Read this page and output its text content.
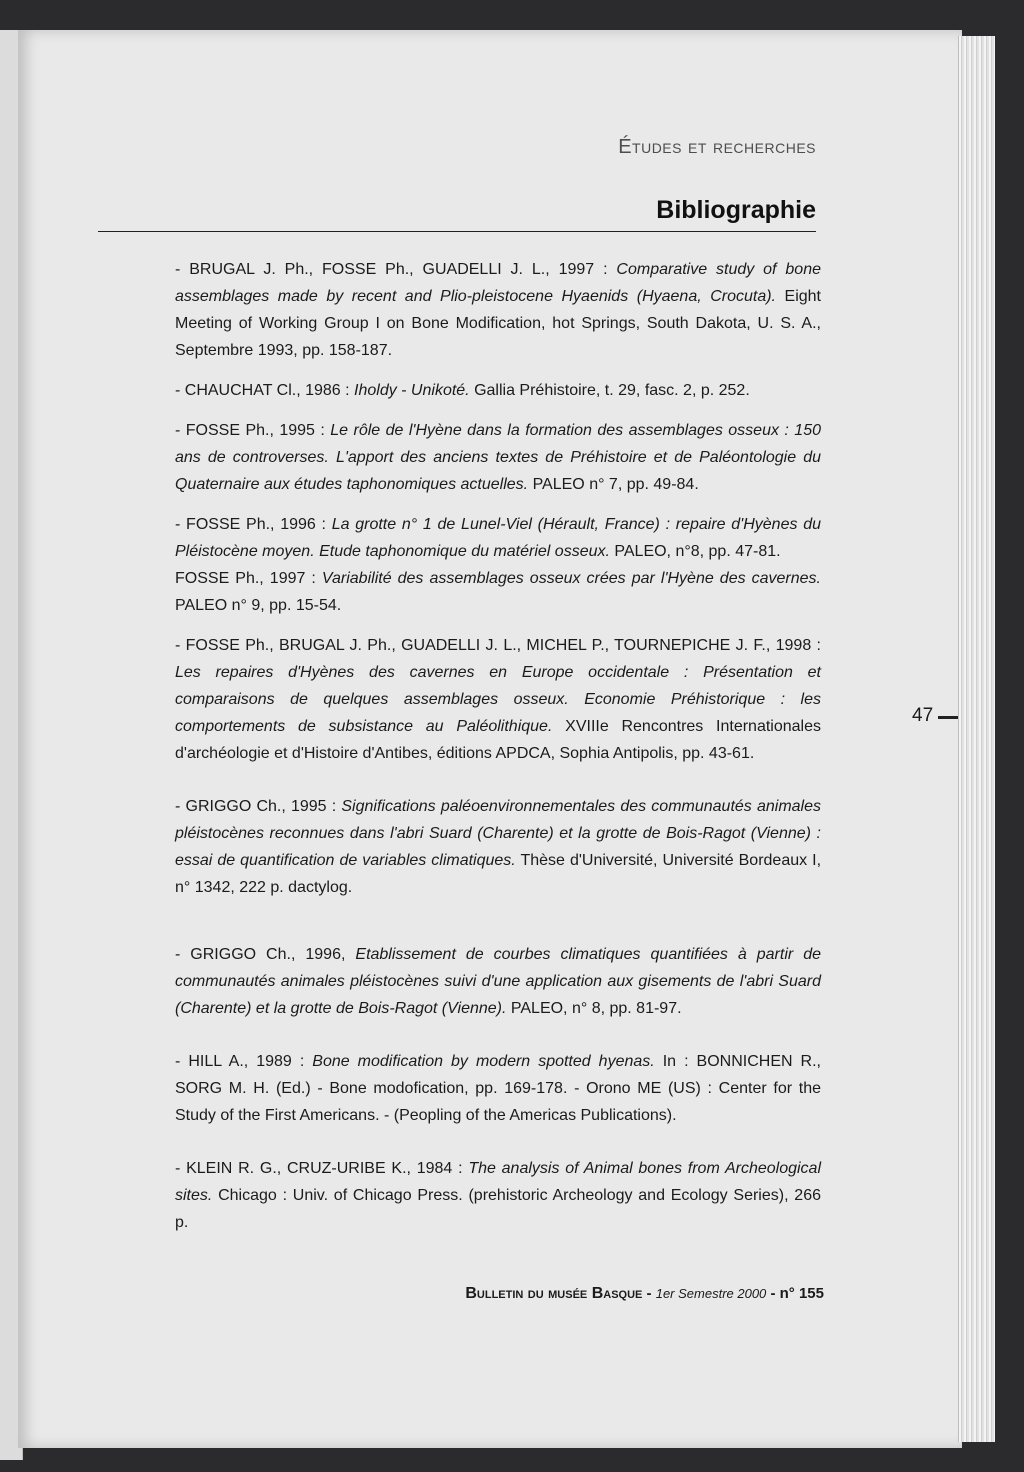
Études et recherches
Bibliographie

- BRUGAL J. Ph., FOSSE Ph., GUADELLI J. L., 1997 : Comparative study of bone assemblages made by recent and Plio-pleistocene Hyaenids (Hyaena, Crocuta). Eight Meeting of Working Group I on Bone Modification, hot Springs, South Dakota, U. S. A., Septembre 1993, pp. 158-187.

- CHAUCHAT Cl., 1986 : Iholdy - Unikoté. Gallia Préhistoire, t. 29, fasc. 2, p. 252.

- FOSSE Ph., 1995 : Le rôle de l'Hyène dans la formation des assemblages osseux : 150 ans de controverses. L'apport des anciens textes de Préhistoire et de Paléontologie du Quaternaire aux études taphonomiques actuelles. PALEO n° 7, pp. 49-84.

- FOSSE Ph., 1996 : La grotte n° 1 de Lunel-Viel (Hérault, France) : repaire d'Hyènes du Pléistocène moyen. Etude taphonomique du matériel osseux. PALEO, n°8, pp. 47-81.

FOSSE Ph., 1997 : Variabilité des assemblages osseux crées par l'Hyène des cavernes. PALEO n° 9, pp. 15-54.

- FOSSE Ph., BRUGAL J. Ph., GUADELLI J. L., MICHEL P., TOURNEPICHE J. F., 1998 : Les repaires d'Hyènes des cavernes en Europe occidentale : Présentation et comparaisons de quelques assemblages osseux. Economie Préhistorique : les comportements de subsistance au Paléolithique. XVIIIe Rencontres Internationales d'archéologie et d'Histoire d'Antibes, éditions APDCA, Sophia Antipolis, pp. 43-61.

- GRIGGO Ch., 1995 : Significations paléoenvironnementales des communautés animales pléistocènes reconnues dans l'abri Suard (Charente) et la grotte de Bois-Ragot (Vienne) : essai de quantification de variables climatiques. Thèse d'Université, Université Bordeaux I, n° 1342, 222 p. dactylog.

- GRIGGO Ch., 1996, Etablissement de courbes climatiques quantifiées à partir de communautés animales pléistocènes suivi d'une application aux gisements de l'abri Suard (Charente) et la grotte de Bois-Ragot (Vienne). PALEO, n° 8, pp. 81-97.

- HILL A., 1989 : Bone modification by modern spotted hyenas. In : BONNICHEN R., SORG M. H. (Ed.) - Bone modofication, pp. 169-178. - Orono ME (US) : Center for the Study of the First Americans. - (Peopling of the Americas Publications).

- KLEIN R. G., CRUZ-URIBE K., 1984 : The analysis of Animal bones from Archeological sites. Chicago : Univ. of Chicago Press. (prehistoric Archeology and Ecology Series), 266 p.

47
Bulletin du musée Basque - 1er Semestre 2000 - n° 155
